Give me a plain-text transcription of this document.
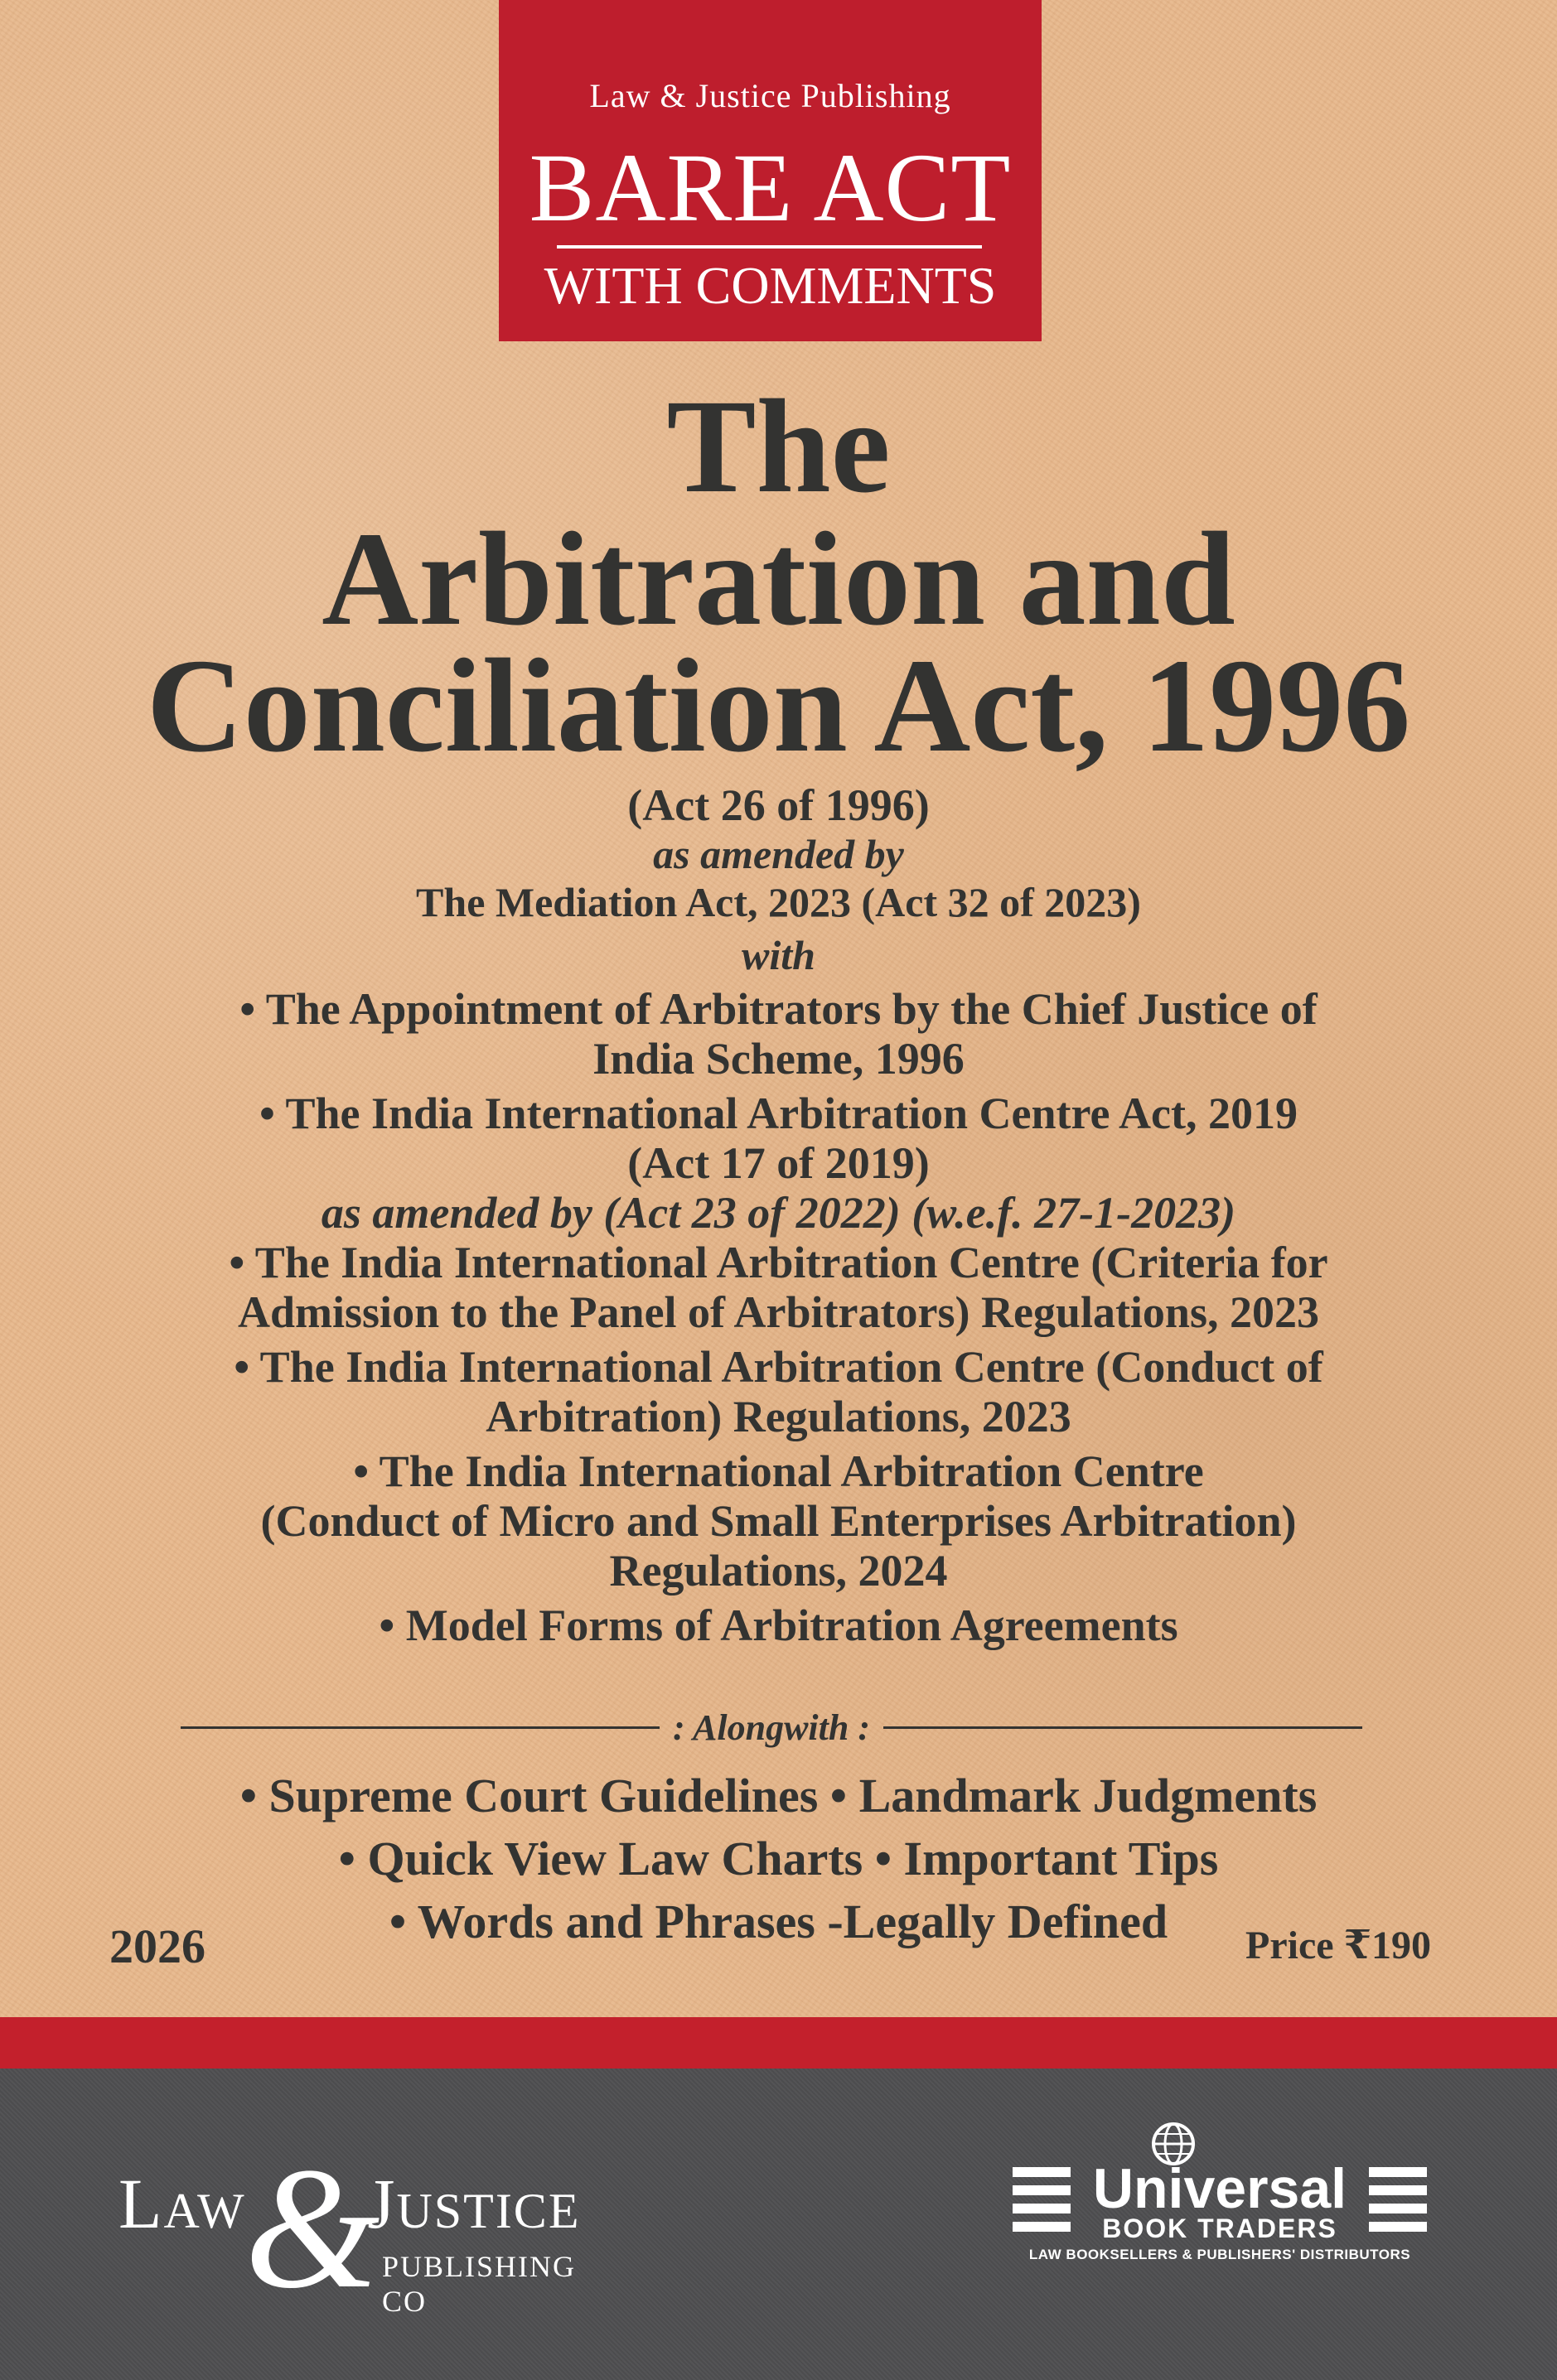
Law & Justice Publishing
BARE ACT
WITH COMMENTS
The
Arbitration and
Conciliation Act, 1996
(Act 26 of 1996)
as amended by
The Mediation Act, 2023 (Act 32 of 2023)
with
• The Appointment of Arbitrators by the Chief Justice of
India Scheme, 1996
• The India International Arbitration Centre Act, 2019
(Act 17 of 2019)
as amended by (Act 23 of 2022) (w.e.f. 27-1-2023)
• The India International Arbitration Centre (Criteria for
Admission to the Panel of Arbitrators) Regulations, 2023
• The India International Arbitration Centre (Conduct of
Arbitration) Regulations, 2023
• The India International Arbitration Centre
(Conduct of Micro and Small Enterprises Arbitration)
Regulations, 2024
• Model Forms of Arbitration Agreements
: Alongwith :
• Supreme Court Guidelines • Landmark Judgments
• Quick View Law Charts • Important Tips
• Words and Phrases -Legally Defined
2026	Price ₹190
Law
&
Justice
PUBLISHING CO
Universal
BOOK TRADERS
LAW BOOKSELLERS & PUBLISHERS' DISTRIBUTORS
